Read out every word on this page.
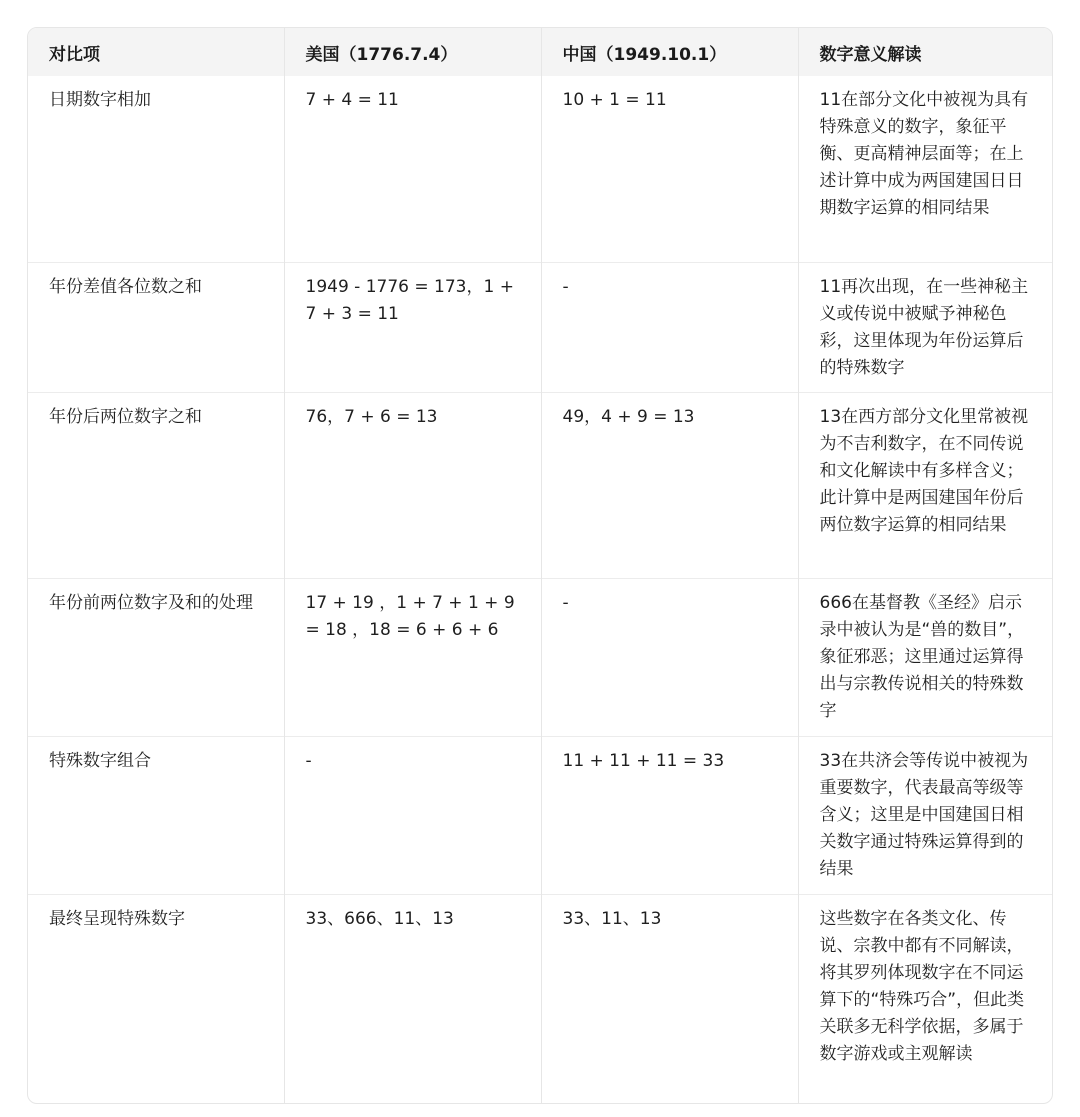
对比项	美国（1776.7.4）	中国（1949.10.1）	数字意义解读
日期数字相加	7 + 4 = 11	10 + 1 = 11	11在部分文化中被视为具有特殊意义的数字，象征平衡、更高精神层面等；在上述计算中成为两国建国日日期数字运算的相同结果
年份差值各位数之和	1949 - 1776 = 173，1 + 7 + 3 = 11	-	11再次出现，在一些神秘主义或传说中被赋予神秘色彩，这里体现为年份运算后的特殊数字
年份后两位数字之和	76，7 + 6 = 13	49，4 + 9 = 13	13在西方部分文化里常被视为不吉利数字，在不同传说和文化解读中有多样含义；此计算中是两国建国年份后两位数字运算的相同结果
年份前两位数字及和的处理	17 + 19 ，1 + 7 + 1 + 9 = 18 ，18 = 6 + 6 + 6	-	666在基督教《圣经》启示录中被认为是“兽的数目”，象征邪恶；这里通过运算得出与宗教传说相关的特殊数字
特殊数字组合	-	11 + 11 + 11 = 33	33在共济会等传说中被视为重要数字，代表最高等级等含义；这里是中国建国日相关数字通过特殊运算得到的结果
最终呈现特殊数字	33、666、11、13	33、11、13	这些数字在各类文化、传说、宗教中都有不同解读，将其罗列体现数字在不同运算下的“特殊巧合”，但此类关联多无科学依据，多属于数字游戏或主观解读
